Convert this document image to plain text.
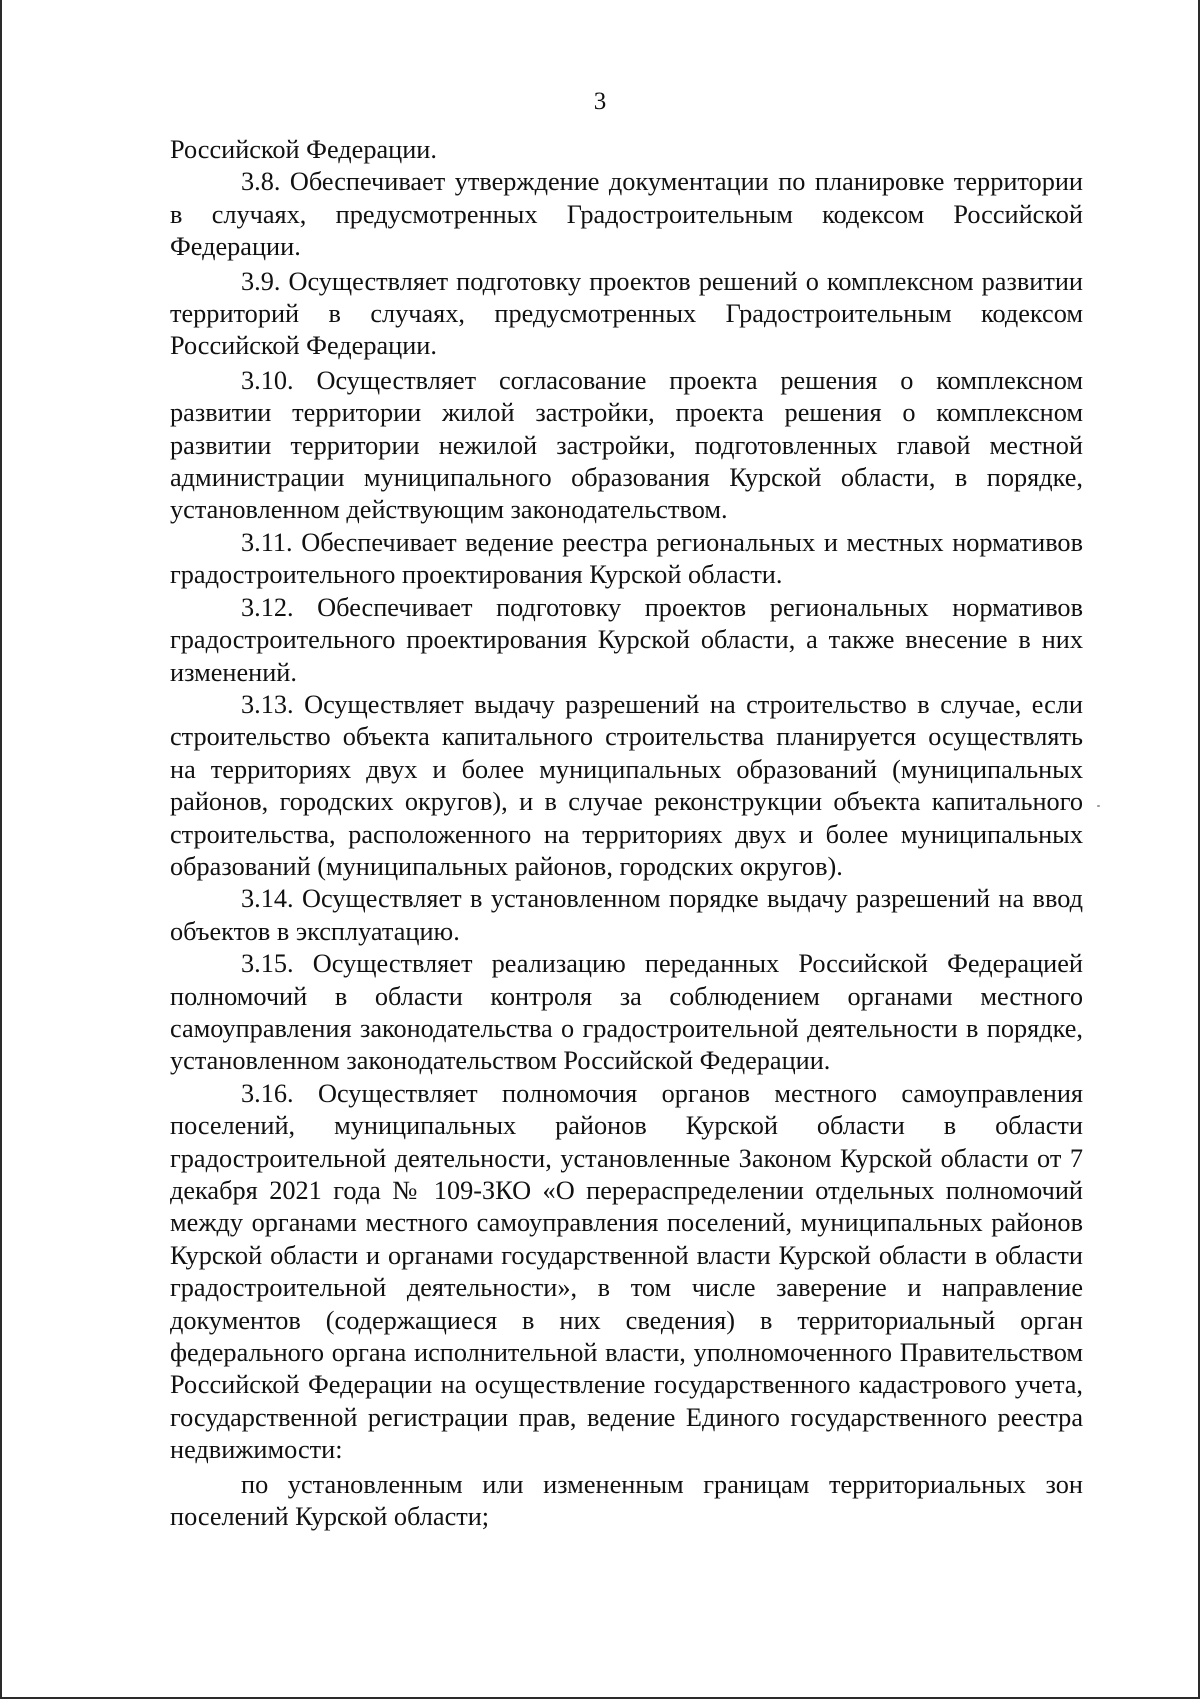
3

Российской Федерации.

3.8. Обеспечивает утверждение документации по планировке территории в случаях, предусмотренных Градостроительным кодексом Российской Федерации.

3.9. Осуществляет подготовку проектов решений о комплексном развитии территорий в случаях, предусмотренных Градостроительным кодексом Российской Федерации.

3.10. Осуществляет согласование проекта решения о комплексном развитии территории жилой застройки, проекта решения о комплексном развитии территории нежилой застройки, подготовленных главой местной администрации муниципального образования Курской области, в порядке, установленном действующим законодательством.

3.11. Обеспечивает ведение реестра региональных и местных нормативов градостроительного проектирования Курской области.

3.12. Обеспечивает подготовку проектов региональных нормативов градостроительного проектирования Курской области, а также внесение в них изменений.

3.13. Осуществляет выдачу разрешений на строительство в случае, если строительство объекта капитального строительства планируется осуществлять на территориях двух и более муниципальных образований (муниципальных районов, городских округов), и в случае реконструкции объекта капитального строительства, расположенного на территориях двух и более муниципальных образований (муниципальных районов, городских округов).

3.14. Осуществляет в установленном порядке выдачу разрешений на ввод объектов в эксплуатацию.

3.15. Осуществляет реализацию переданных Российской Федерацией полномочий в области контроля за соблюдением органами местного самоуправления законодательства о градостроительной деятельности в порядке, установленном законодательством Российской Федерации.

3.16. Осуществляет полномочия органов местного самоуправления поселений, муниципальных районов Курской области в области градостроительной деятельности, установленные Законом Курской области от 7 декабря 2021 года № 109-ЗКО «О перераспределении отдельных полномочий между органами местного самоуправления поселений, муниципальных районов Курской области и органами государственной власти Курской области в области градостроительной деятельности», в том числе заверение и направление документов (содержащиеся в них сведения) в территориальный орган федерального органа исполнительной власти, уполномоченного Правительством Российской Федерации на осуществление государственного кадастрового учета, государственной регистрации прав, ведение Единого государственного реестра недвижимости:

по установленным или измененным границам территориальных зон поселений Курской области;
